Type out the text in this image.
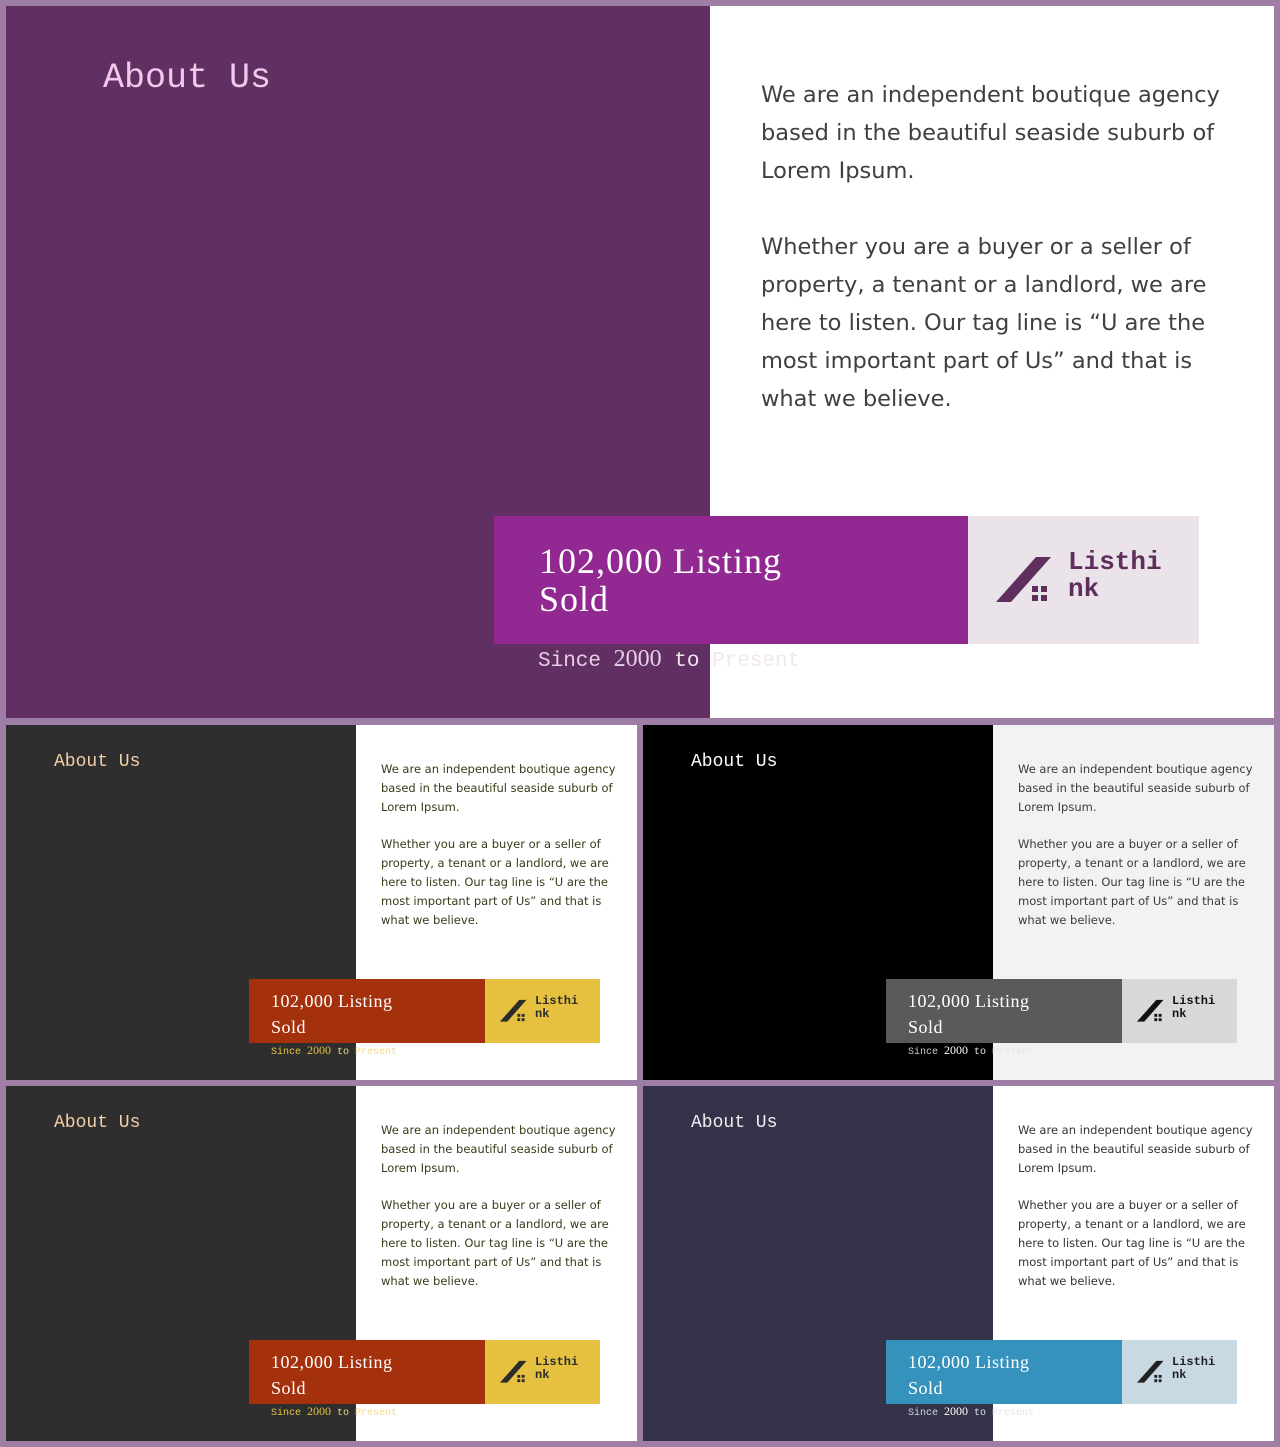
About Us	We are an independent boutique agency based in the beautiful seaside suburb of Lorem Ipsum.

Whether you are a buyer or a seller of property, a tenant or a landlord, we are here to listen. Our tag line is “U are the most important part of Us” and that is what we believe.

102,000 Listing
Sold
Listhi
nk
Since 2000 to Present
About Us	We are an independent boutique agency based in the beautiful seaside suburb of Lorem Ipsum.

Whether you are a buyer or a seller of property, a tenant or a landlord, we are here to listen. Our tag line is “U are the most important part of Us” and that is what we believe.

102,000 Listing
Sold
Listhi
nk
Since 2000 to Present
About Us	We are an independent boutique agency based in the beautiful seaside suburb of Lorem Ipsum.

Whether you are a buyer or a seller of property, a tenant or a landlord, we are here to listen. Our tag line is “U are the most important part of Us” and that is what we believe.

102,000 Listing
Sold
Listhi
nk
Since 2000 to Present
About Us	We are an independent boutique agency based in the beautiful seaside suburb of Lorem Ipsum.

Whether you are a buyer or a seller of property, a tenant or a landlord, we are here to listen. Our tag line is “U are the most important part of Us” and that is what we believe.

102,000 Listing
Sold
Listhi
nk
Since 2000 to Present
About Us	We are an independent boutique agency based in the beautiful seaside suburb of Lorem Ipsum.

Whether you are a buyer or a seller of property, a tenant or a landlord, we are here to listen. Our tag line is “U are the most important part of Us” and that is what we believe.

102,000 Listing
Sold
Listhi
nk
Since 2000 to Present
